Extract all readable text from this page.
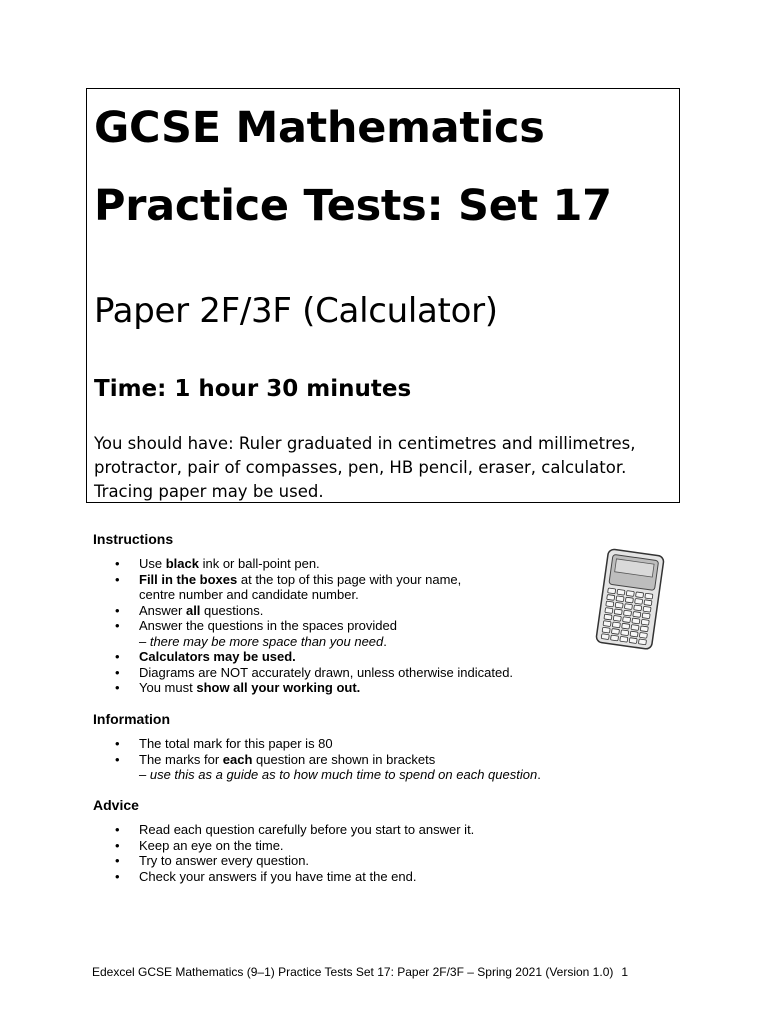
GCSE Mathematics
Practice Tests: Set 17
Paper 2F/3F (Calculator)

Time: 1 hour 30 minutes

You should have: Ruler graduated in centimetres and millimetres, protractor, pair of compasses, pen, HB pencil, eraser, calculator. Tracing paper may be used.

Instructions
• Use black ink or ball-point pen.
• Fill in the boxes at the top of this page with your name,
centre number and candidate number.
• Answer all questions.
• Answer the questions in the spaces provided
– there may be more space than you need.
• Calculators may be used.
• Diagrams are NOT accurately drawn, unless otherwise indicated.
• You must show all your working out.
Information
• The total mark for this paper is 80
• The marks for each question are shown in brackets
– use this as a guide as to how much time to spend on each question.
Advice
• Read each question carefully before you start to answer it.
• Keep an eye on the time.
• Try to answer every question.
• Check your answers if you have time at the end.
Edexcel GCSE Mathematics (9–1) Practice Tests Set 17: Paper 2F/3F – Spring 2021 (Version 1.0) 1
